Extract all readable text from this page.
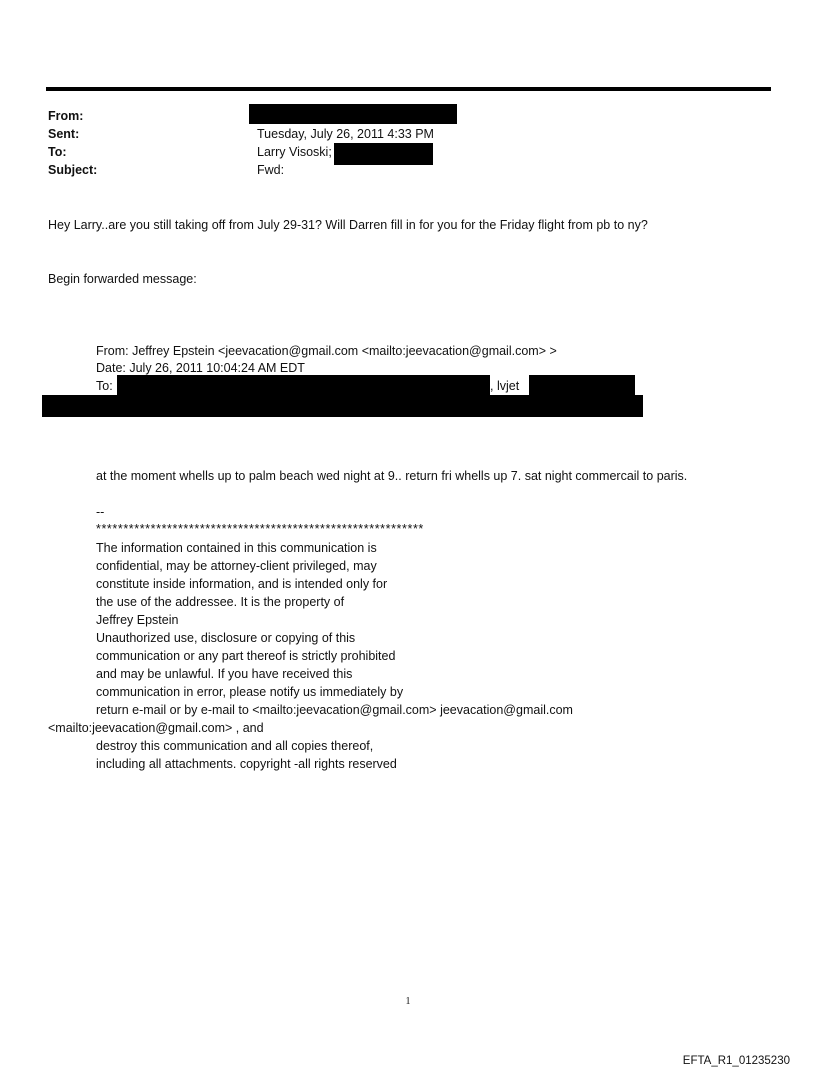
From:
Sent:	Tuesday, July 26, 2011 4:33 PM
To:	Larry Visoski;
Subject:	Fwd:
Hey Larry..are you still taking off from July 29-31? Will Darren fill in for you for the Friday flight from pb to ny?
Begin forwarded message:
From: Jeffrey Epstein <jeevacation@gmail.com <mailto:jeevacation@gmail.com> >
Date: July 26, 2011 10:04:24 AM EDT
To:	, lvjet
at the moment whells up to palm beach wed night at 9.. return fri whells up 7. sat night commercail to paris.
--
************************************************************
The information contained in this communication is
confidential, may be attorney-client privileged, may
constitute inside information, and is intended only for
the use of the addressee. It is the property of
Jeffrey Epstein
Unauthorized use, disclosure or copying of this
communication or any part thereof is strictly prohibited
and may be unlawful. If you have received this
communication in error, please notify us immediately by
return e-mail or by e-mail to <mailto:jeevacation@gmail.com> jeevacation@gmail.com
<mailto:jeevacation@gmail.com> , and
destroy this communication and all copies thereof,
including all attachments. copyright -all rights reserved
1
EFTA_R1_01235230
